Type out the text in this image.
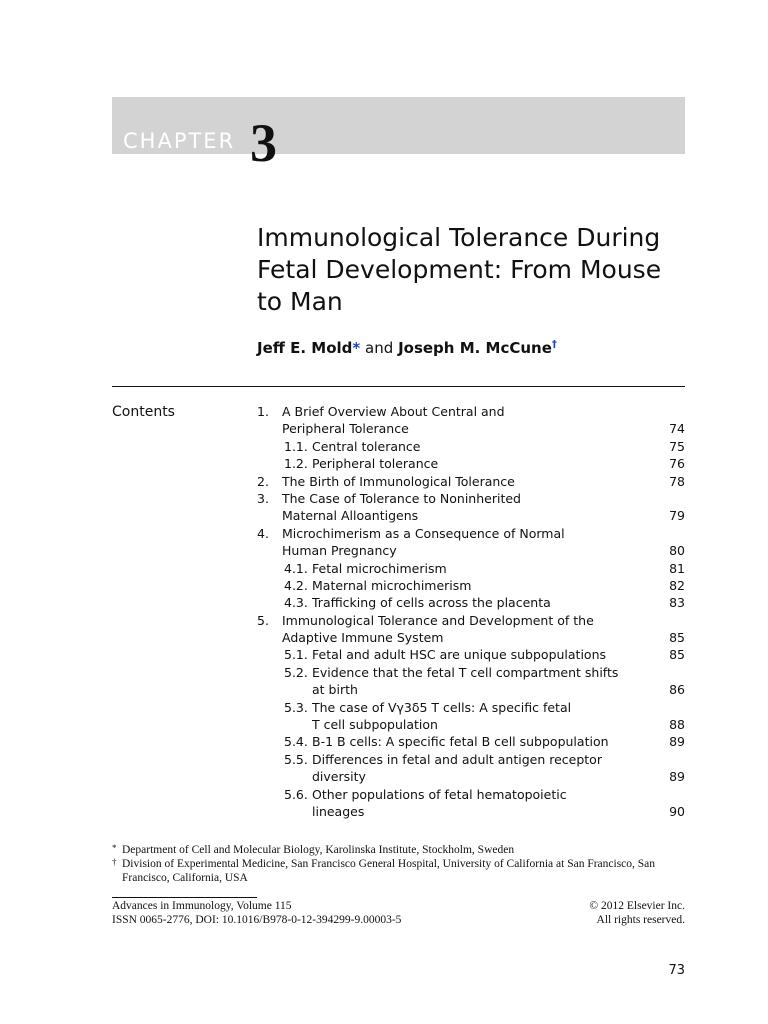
CHAPTER 3
Immunological Tolerance During
Fetal Development: From Mouse
to Man
Jeff E. Mold* and Joseph M. McCune†
Contents	1. A Brief Overview About Central and
Peripheral Tolerance	74
1.1. Central tolerance	75
1.2. Peripheral tolerance	76
2. The Birth of Immunological Tolerance	78
3. The Case of Tolerance to Noninherited
Maternal Alloantigens	79
4. Microchimerism as a Consequence of Normal
Human Pregnancy	80
4.1. Fetal microchimerism	81
4.2. Maternal microchimerism	82
4.3. Trafficking of cells across the placenta	83
5. Immunological Tolerance and Development of the
Adaptive Immune System	85
5.1. Fetal and adult HSC are unique subpopulations	85
5.2. Evidence that the fetal T cell compartment shifts
at birth	86
5.3. The case of Vγ3δ5 T cells: A specific fetal
T cell subpopulation	88
5.4. B-1 B cells: A specific fetal B cell subpopulation	89
5.5. Differences in fetal and adult antigen receptor
diversity	89
5.6. Other populations of fetal hematopoietic
lineages	90
* Department of Cell and Molecular Biology, Karolinska Institute, Stockholm, Sweden
† Division of Experimental Medicine, San Francisco General Hospital, University of California at San Francisco, San Francisco, California, USA
Advances in Immunology, Volume 115
ISSN 0065-2776, DOI: 10.1016/B978-0-12-394299-9.00003-5
© 2012 Elsevier Inc.
All rights reserved.
73
